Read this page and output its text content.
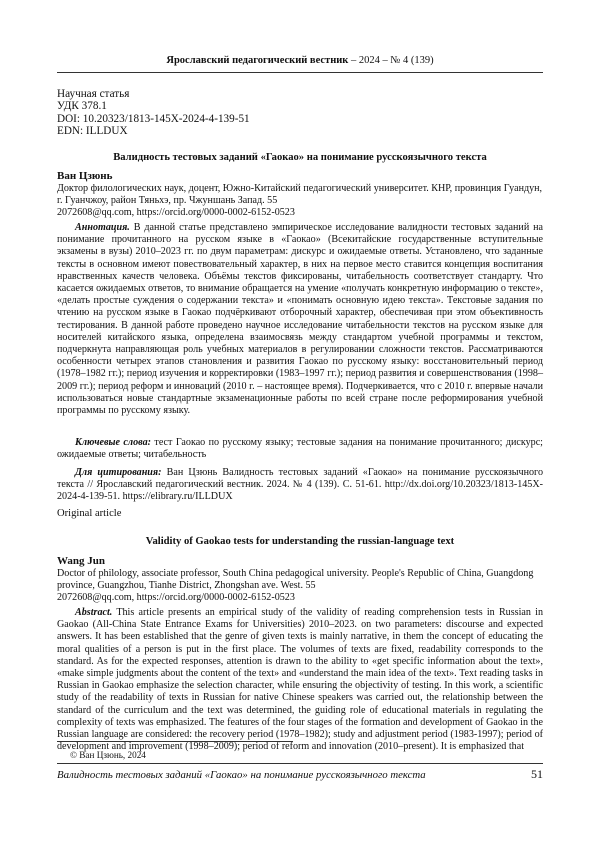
Ярославский педагогический вестник – 2024 – № 4 (139)
Научная статья
УДК 378.1
DOI: 10.20323/1813-145X-2024-4-139-51
EDN: ILLDUX
Валидность тестовых заданий «Гаокао» на понимание русскоязычного текста
Ван Цзюнь
Доктор филологических наук, доцент, Южно-Китайский педагогический университет. КНР, провинция Гуандун, г. Гуанчжоу, район Тяньхэ, пр. Чжуншань Запад. 55
2072608@qq.com, https://orcid.org/0000-0002-6152-0523
Аннотация. В данной статье представлено эмпирическое исследование валидности тестовых заданий на понимание прочитанного на русском языке в «Гаокао» (Всекитайские государственные вступительные экзамены в вузы) 2010–2023 гг. по двум параметрам: дискурс и ожидаемые ответы. Установлено, что заданные тексты в основном имеют повествовательный характер, в них на первое место ставится концепция воспитания нравственных качеств человека. Объёмы текстов фиксированы, читабельность соответствует стандарту. Что касается ожидаемых ответов, то внимание обращается на умение «получать конкретную информацию о тексте», «делать простые суждения о содержании текста» и «понимать основную идею текста». Текстовые задания по чтению на русском языке в Гаокао подчёркивают отборочный характер, обеспечивая при этом объективность тестирования. В данной работе проведено научное исследование читабельности текстов на русском языке для носителей китайского языка, определена взаимосвязь между стандартом учебной программы и текстом, подчеркнута направляющая роль учебных материалов в регулировании сложности текстов. Рассматриваются особенности четырех этапов становления и развития Гаокао по русскому языку: восстановительный период (1978–1982 гг.); период изучения и корректировки (1983–1997 гг.); период развития и совершенствования (1998–2009 гг.); период реформ и инноваций (2010 г. – настоящее время). Подчеркивается, что с 2010 г. впервые начали использоваться новые стандартные экзаменационные работы по всей стране после реформирования учебной программы по русскому языку.
Ключевые слова: тест Гаокао по русскому языку; тестовые задания на понимание прочитанного; дискурс; ожидаемые ответы; читабельность
Для цитирования: Ван Цзюнь Валидность тестовых заданий «Гаокао» на понимание русскоязычного текста // Ярославский педагогический вестник. 2024. № 4 (139). С. 51-61. http://dx.doi.org/10.20323/1813-145X-2024-4-139-51. https://elibrary.ru/ILLDUX
Original article
Validity of Gaokao tests for understanding the russian-language text
Wang Jun
Doctor of philology, associate professor, South China pedagogical university. People's Republic of China, Guangdong province, Guangzhou, Tianhe District, Zhongshan ave. West. 55
2072608@qq.com, https://orcid.org/0000-0002-6152-0523
Abstract. This article presents an empirical study of the validity of reading comprehension tests in Russian in Gaokao (All-China State Entrance Exams for Universities) 2010–2023. on two parameters: discourse and expected answers. It has been established that the genre of given texts is mainly narrative, in them the concept of educating the moral qualities of a person is put in the first place. The volumes of texts are fixed, readability corresponds to the standard. As for the expected responses, attention is drawn to the ability to «get specific information about the text», «make simple judgments about the content of the text» and «understand the main idea of the text». Text reading tasks in Russian in Gaokao emphasize the selection character, while ensuring the objectivity of testing. In this work, a scientific study of the readability of texts in Russian for native Chinese speakers was carried out, the relationship between the standard of the curriculum and the text was determined, the guiding role of educational materials in regulating the complexity of texts was emphasized. The features of the four stages of the formation and development of Gaokao in the Russian language are considered: the recovery period (1978–1982); study and adjustment period (1983-1997); period of development and improvement (1998–2009); period of reform and innovation (2010–present). It is emphasized that
© Ван Цзюнь, 2024
Валидность тестовых заданий «Гаокао» на понимание русскоязычного текста	51
